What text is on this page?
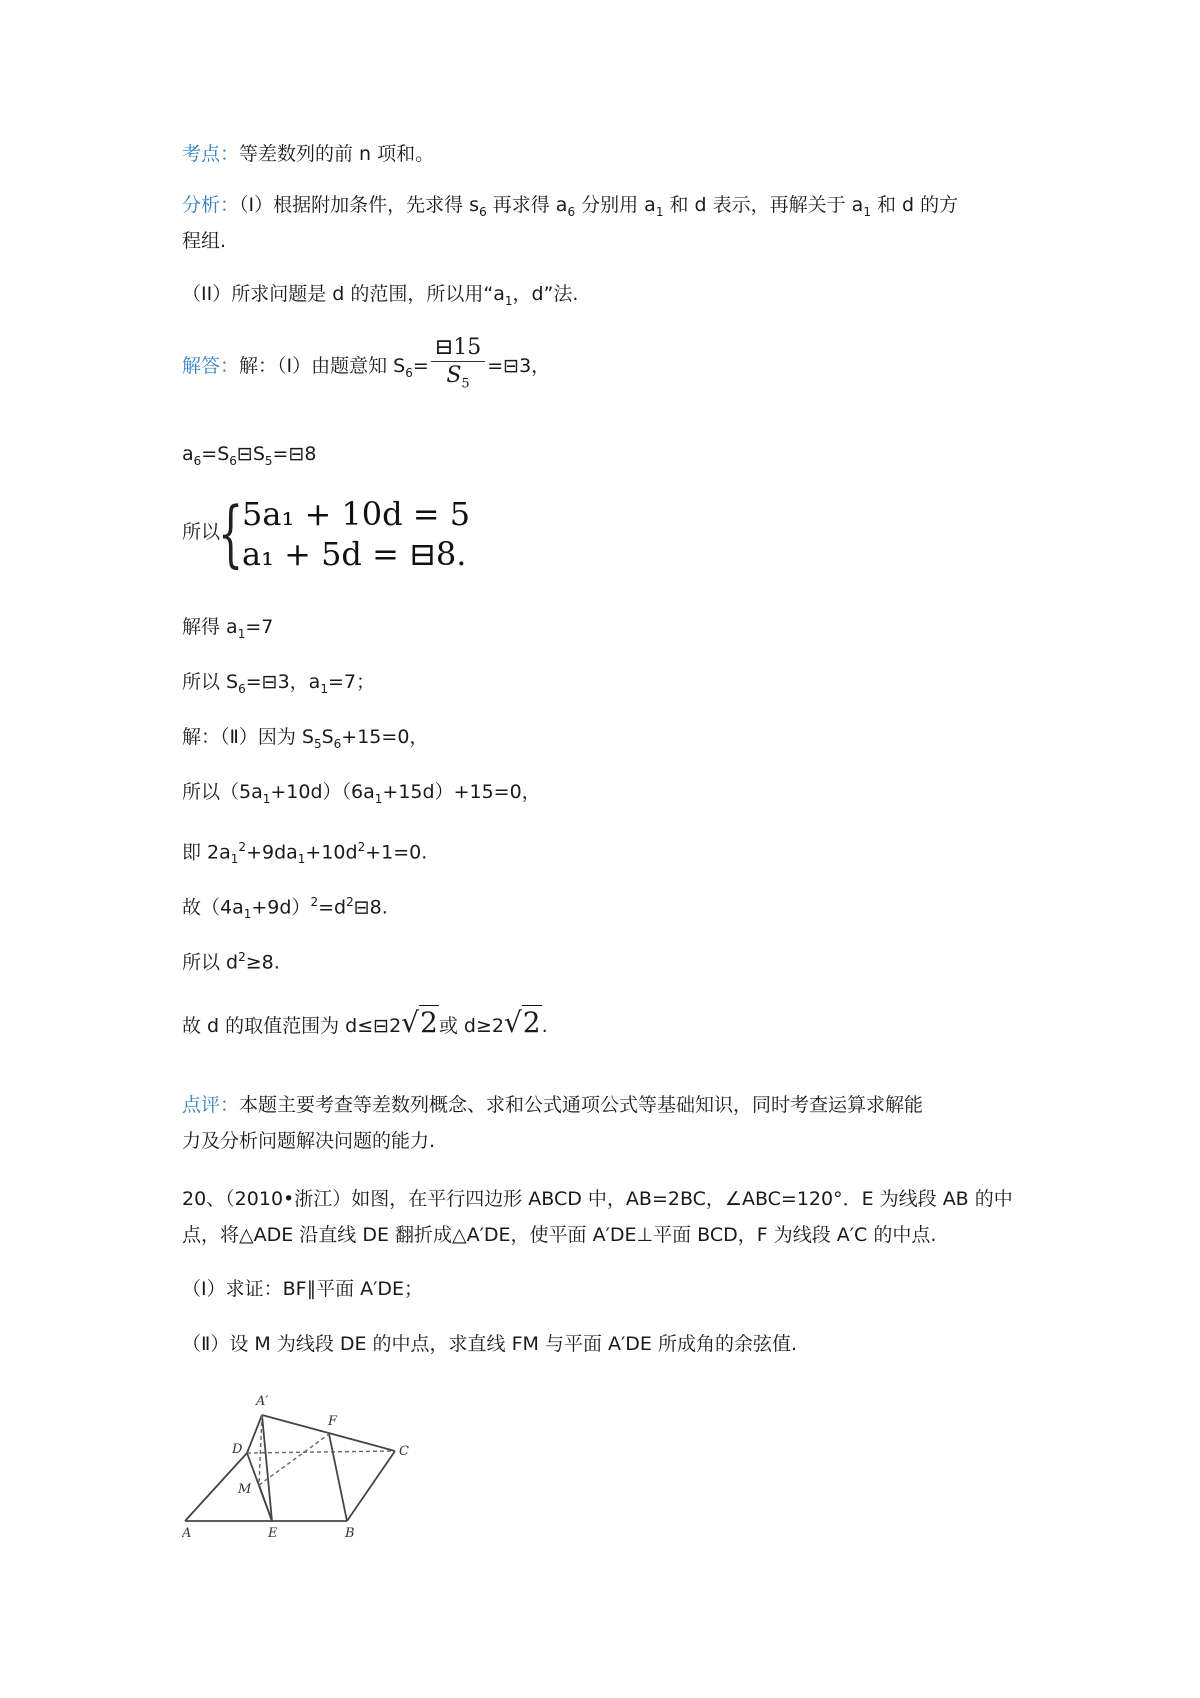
考点：等差数列的前 n 项和。
分析：（I）根据附加条件，先求得 $s_6$ 再求得 $a_6$ 分别用 $a_1$ 和 d 表示，再解关于 $a_1$ 和 d 的方
程组.
（II）所求问题是 d 的范围，所以用“$a_1$，d”法.
解答：解：（Ⅰ）由题意知 $S_6= \frac{⊟15}{S_5}$ =⊟3，
$a_6=S_6⊟S_5=⊟8$
所以
{
5a₁ + 10d = 5
a₁ + 5d = ⊟8.
解得 $a_1=7$
所以 $S_6=⊟3$，$a_1=7$；
解：（Ⅱ）因为 $S_5S_6+15=0$，
所以$(5a_1+10d)(6a_1+15d)+15=0$，
即 $2a_1^2+9da_1+10d^2+1=0$.
故$(4a_1+9d)^2=d^2⊟8$.
所以 $d^2\ge 8$.
故 d 的取值范围为 d≤⊟2√2或 d≥2√2.
点评：本题主要考查等差数列概念、求和公式通项公式等基础知识，同时考查运算求解能
力及分析问题解决问题的能力.
20、（2010•浙江）如图，在平行四边形 ABCD 中，AB=2BC，∠ABC=120°．E 为线段 AB 的中
点，将△ADE 沿直线 DE 翻折成△A′DE，使平面 A′DE⊥平面 BCD，F 为线段 A′C 的中点.
（Ⅰ）求证：BF∥平面 A′DE；
（Ⅱ）设 M 为线段 DE 的中点，求直线 FM 与平面 A′DE 所成角的余弦值.
A′
F
D	C
M
A	E	B
